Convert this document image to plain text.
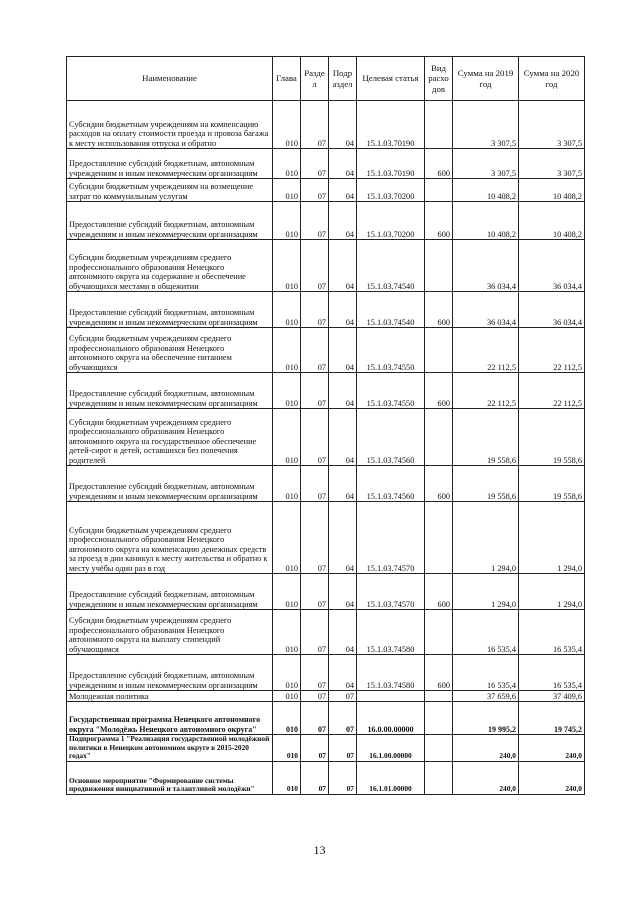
Наименование	Глава	Разде л	Подр аздел	Целевая статья	Вид расхо дов	Сумма на 2019 год	Сумма на 2020 год
Субсидии бюджетным учреждениям на компенсацию расходов на оплату стоимости проезда и провоза багажа к месту использования отпуска и обратно	010	07	04	15.1.03.70190		3 307,5	3 307,5
Предоставление субсидий бюджетным, автономным учреждениям и иным некоммерческим организациям	010	07	04	15.1.03.70190	600	3 307,5	3 307,5
Субсидии бюджетным учреждениям на возмещение затрат по коммунальным услугам	010	07	04	15.1.03.70200		10 408,2	10 408,2
Предоставление субсидий бюджетным, автономным учреждениям и иным некоммерческим организациям	010	07	04	15.1.03.70200	600	10 408,2	10 408,2
Субсидии бюджетным учреждениям среднего профессионального образования Ненецкого автономного округа на содержание и обеспечение обучающихся местами в общежитии	010	07	04	15.1.03.74540		36 034,4	36 034,4
Предоставление субсидий бюджетным, автономным учреждениям и иным некоммерческим организациям	010	07	04	15.1.03.74540	600	36 034,4	36 034,4
Субсидии бюджетным учреждениям среднего профессионального образования Ненецкого автономного округа на обеспечение питанием обучающихся	010	07	04	15.1.03.74550		22 112,5	22 112,5
Предоставление субсидий бюджетным, автономным учреждениям и иным некоммерческим организациям	010	07	04	15.1.03.74550	600	22 112,5	22 112,5
Субсидии бюджетным учреждениям среднего профессионального образования Ненецкого автономного округа на государственное обеспечение детей-сирот и детей, оставшихся без попечения родителей	010	07	04	15.1.03.74560		19 558,6	19 558,6
Предоставление субсидий бюджетным, автономным учреждениям и иным некоммерческим организациям	010	07	04	15.1.03.74560	600	19 558,6	19 558,6
Субсидии бюджетным учреждениям среднего профессионального образования Ненецкого автономного округа на компенсацию денежных средств за проезд в дни каникул к месту жительства и обратно к месту учёбы один раз в год	010	07	04	15.1.03.74570		1 294,0	1 294,0
Предоставление субсидий бюджетным, автономным учреждениям и иным некоммерческим организациям	010	07	04	15.1.03.74570	600	1 294,0	1 294,0
Субсидии бюджетным учреждениям среднего профессионального образования Ненецкого автономного округа на выплату стипендий обучающимся	010	07	04	15.1.03.74580		16 535,4	16 535,4
Предоставление субсидий бюджетным, автономным учреждениям и иным некоммерческим организациям	010	07	04	15.1.03.74580	600	16 535,4	16 535,4
Молодежная политика	010	07	07			37 659,6	37 409,6
Государственная программа Ненецкого автономного округа "Молодёжь Ненецкого автономного округа"	010	07	07	16.0.00.00000		19 995,2	19 745,2
Подпрограмма 1 "Реализация государственной молодёжной политики в Ненецком автономном округе в 2015-2020 годах"	010	07	07	16.1.00.00000		240,0	240,0
Основное мероприятие "Формирование системы продвижения инициативной и талантливой молодёжи"	010	07	07	16.1.01.00000		240,0	240,0
13
